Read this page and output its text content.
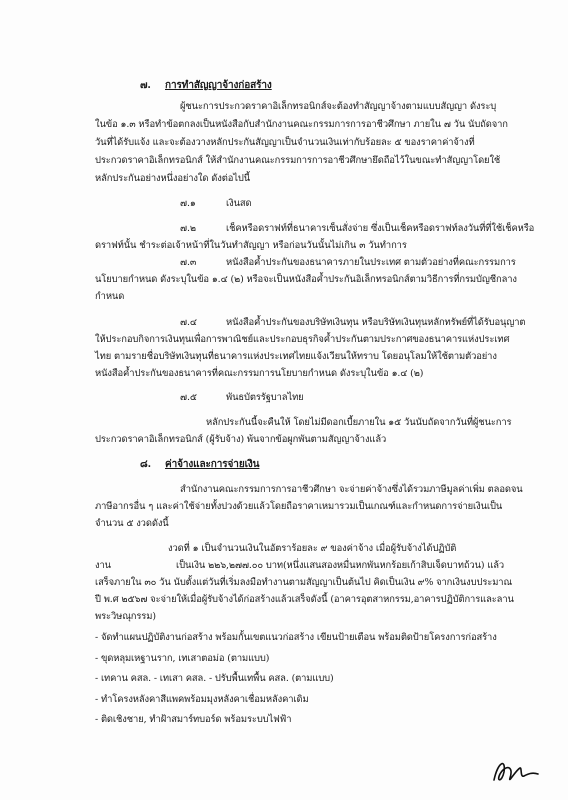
๗. การทำสัญญาจ้างก่อสร้าง
ผู้ชนะการประกวดราคาอิเล็กทรอนิกส์จะต้องทำสัญญาจ้างตามแบบสัญญา ดังระบุ
ในข้อ ๑.๓ หรือทำข้อตกลงเป็นหนังสือกับสำนักงานคณะกรรมการการอาชีวศึกษา ภายใน ๗ วัน นับถัดจาก
วันที่ได้รับแจ้ง และจะต้องวางหลักประกันสัญญาเป็นจำนวนเงินเท่ากับร้อยละ ๕ ของราคาค่าจ้างที่
ประกวดราคาอิเล็กทรอนิกส์ ให้สำนักงานคณะกรรมการการอาชีวศึกษายึดถือไว้ในขณะทำสัญญาโดยใช้
หลักประกันอย่างหนึ่งอย่างใด ดังต่อไปนี้
๗.๑	เงินสด
๗.๒	เช็คหรือดราฟท์ที่ธนาคารเซ็นสั่งจ่าย ซึ่งเป็นเช็คหรือดราฟท์ลงวันที่ที่ใช้เช็คหรือ
ดราฟท์นั้น ชำระต่อเจ้าหน้าที่ในวันทำสัญญา หรือก่อนวันนั้นไม่เกิน ๓ วันทำการ
๗.๓	หนังสือค้ำประกันของธนาคารภายในประเทศ ตามตัวอย่างที่คณะกรรมการ
นโยบายกำหนด ดังระบุในข้อ ๑.๔ (๒) หรือจะเป็นหนังสือค้ำประกันอิเล็กทรอนิกส์ตามวิธีการที่กรมบัญชีกลาง
กำหนด
๗.๔	หนังสือค้ำประกันของบริษัทเงินทุน หรือบริษัทเงินทุนหลักทรัพย์ที่ได้รับอนุญาต
ให้ประกอบกิจการเงินทุนเพื่อการพาณิชย์และประกอบธุรกิจค้ำประกันตามประกาศของธนาคารแห่งประเทศ
ไทย ตามรายชื่อบริษัทเงินทุนที่ธนาคารแห่งประเทศไทยแจ้งเวียนให้ทราบ โดยอนุโลมให้ใช้ตามตัวอย่าง
หนังสือค้ำประกันของธนาคารที่คณะกรรมการนโยบายกำหนด ดังระบุในข้อ ๑.๔ (๒)
๗.๕	พันธบัตรรัฐบาลไทย
หลักประกันนี้จะคืนให้ โดยไม่มีดอกเบี้ยภายใน ๑๕ วันนับถัดจากวันที่ผู้ชนะการ
ประกวดราคาอิเล็กทรอนิกส์ (ผู้รับจ้าง) พ้นจากข้อผูกพันตามสัญญาจ้างแล้ว
๘. ค่าจ้างและการจ่ายเงิน
สำนักงานคณะกรรมการการอาชีวศึกษา จะจ่ายค่าจ้างซึ่งได้รวมภาษีมูลค่าเพิ่ม ตลอดจน
ภาษีอากรอื่น ๆ และค่าใช้จ่ายทั้งปวงด้วยแล้วโดยถือราคาเหมารวมเป็นเกณฑ์และกำหนดการจ่ายเงินเป็น
จำนวน ๕ งวดดังนี้
งวดที่ ๑ เป็นจำนวนเงินในอัตราร้อยละ ๙ ของค่าจ้าง เมื่อผู้รับจ้างได้ปฏิบัติ
งาน	เป็นเงิน ๒๒๖,๒๗๗.๐๐ บาท(หนึ่งแสนสองหมื่นหกพันหกร้อยเก้าสิบเจ็ดบาทถ้วน) แล้ว
เสร็จภายใน ๓๐ วัน นับตั้งแต่วันที่เริ่มลงมือทำงานตามสัญญาเป็นต้นไป คิดเป็นเงิน ๙% จากเงินงบประมาณ
ปี พ.ศ ๒๕๖๗ จะจ่ายให้เมื่อผู้รับจ้างได้ก่อสร้างแล้วเสร็จดังนี้ (อาคารอุตสาหกรรม,อาคารปฏิบัติการและลาน
พระวิษณุกรรม)
- จัดทำแผนปฏิบัติงานก่อสร้าง พร้อมกั้นเขตแนวก่อสร้าง เขียนป้ายเตือน พร้อมติดป้ายโครงการก่อสร้าง
- ขุดหลุมเหฐานราก, เทเสาตอม่อ (ตามแบบ)
- เทคาน คสล. - เทเสา คสล. - ปรับพื้นเทพื้น คสล. (ตามแบบ)
- ทำโครงหลังคาสีแพคพร้อมมุงหลังคาเชื่อมหลังคาเดิม
- ติดเชิงชาย, ทำฝ้าสมาร์ทบอร์ด พร้อมระบบไฟฟ้า
